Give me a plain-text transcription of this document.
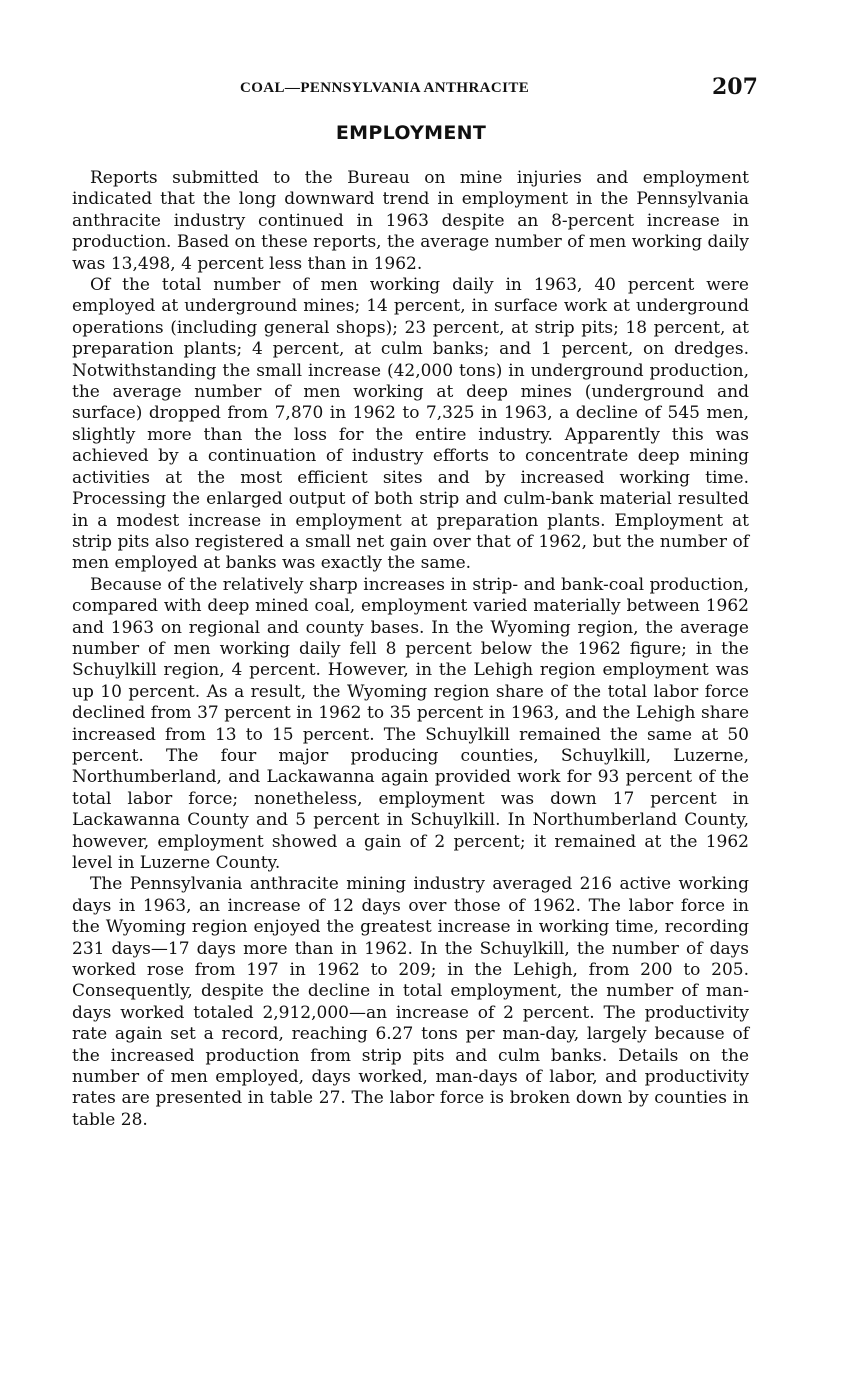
COAL—PENNSYLVANIA ANTHRACITE	207
EMPLOYMENT

Reports submitted to the Bureau on mine injuries and employment indicated that the long downward trend in employment in the Pennsylvania anthracite industry continued in 1963 despite an 8-percent increase in production. Based on these reports, the average number of men working daily was 13,498, 4 percent less than in 1962.

Of the total number of men working daily in 1963, 40 percent were employed at underground mines; 14 percent, in surface work at underground operations (including general shops); 23 percent, at strip pits; 18 percent, at preparation plants; 4 percent, at culm banks; and 1 percent, on dredges. Notwithstanding the small increase (42,000 tons) in underground production, the average number of men working at deep mines (underground and surface) dropped from 7,870 in 1962 to 7,325 in 1963, a decline of 545 men, slightly more than the loss for the entire industry. Apparently this was achieved by a continuation of industry efforts to concentrate deep mining activities at the most efficient sites and by increased working time. Processing the enlarged output of both strip and culm-bank material resulted in a modest increase in employment at preparation plants. Employment at strip pits also registered a small net gain over that of 1962, but the number of men employed at banks was exactly the same.

Because of the relatively sharp increases in strip- and bank-coal production, compared with deep mined coal, employment varied materially between 1962 and 1963 on regional and county bases. In the Wyoming region, the average number of men working daily fell 8 percent below the 1962 figure; in the Schuylkill region, 4 percent. However, in the Lehigh region employment was up 10 percent. As a result, the Wyoming region share of the total labor force declined from 37 percent in 1962 to 35 percent in 1963, and the Lehigh share increased from 13 to 15 percent. The Schuylkill remained the same at 50 percent. The four major producing counties, Schuylkill, Luzerne, Northumberland, and Lackawanna again provided work for 93 percent of the total labor force; nonetheless, employment was down 17 percent in Lackawanna County and 5 percent in Schuylkill. In Northumberland County, however, employment showed a gain of 2 percent; it remained at the 1962 level in Luzerne County.

The Pennsylvania anthracite mining industry averaged 216 active working days in 1963, an increase of 12 days over those of 1962. The labor force in the Wyoming region enjoyed the greatest increase in working time, recording 231 days—17 days more than in 1962. In the Schuylkill, the number of days worked rose from 197 in 1962 to 209; in the Lehigh, from 200 to 205. Consequently, despite the decline in total employment, the number of man-days worked totaled 2,912,000—an increase of 2 percent. The productivity rate again set a record, reaching 6.27 tons per man-day, largely because of the increased production from strip pits and culm banks. Details on the number of men employed, days worked, man-days of labor, and productivity rates are presented in table 27. The labor force is broken down by counties in table 28.
